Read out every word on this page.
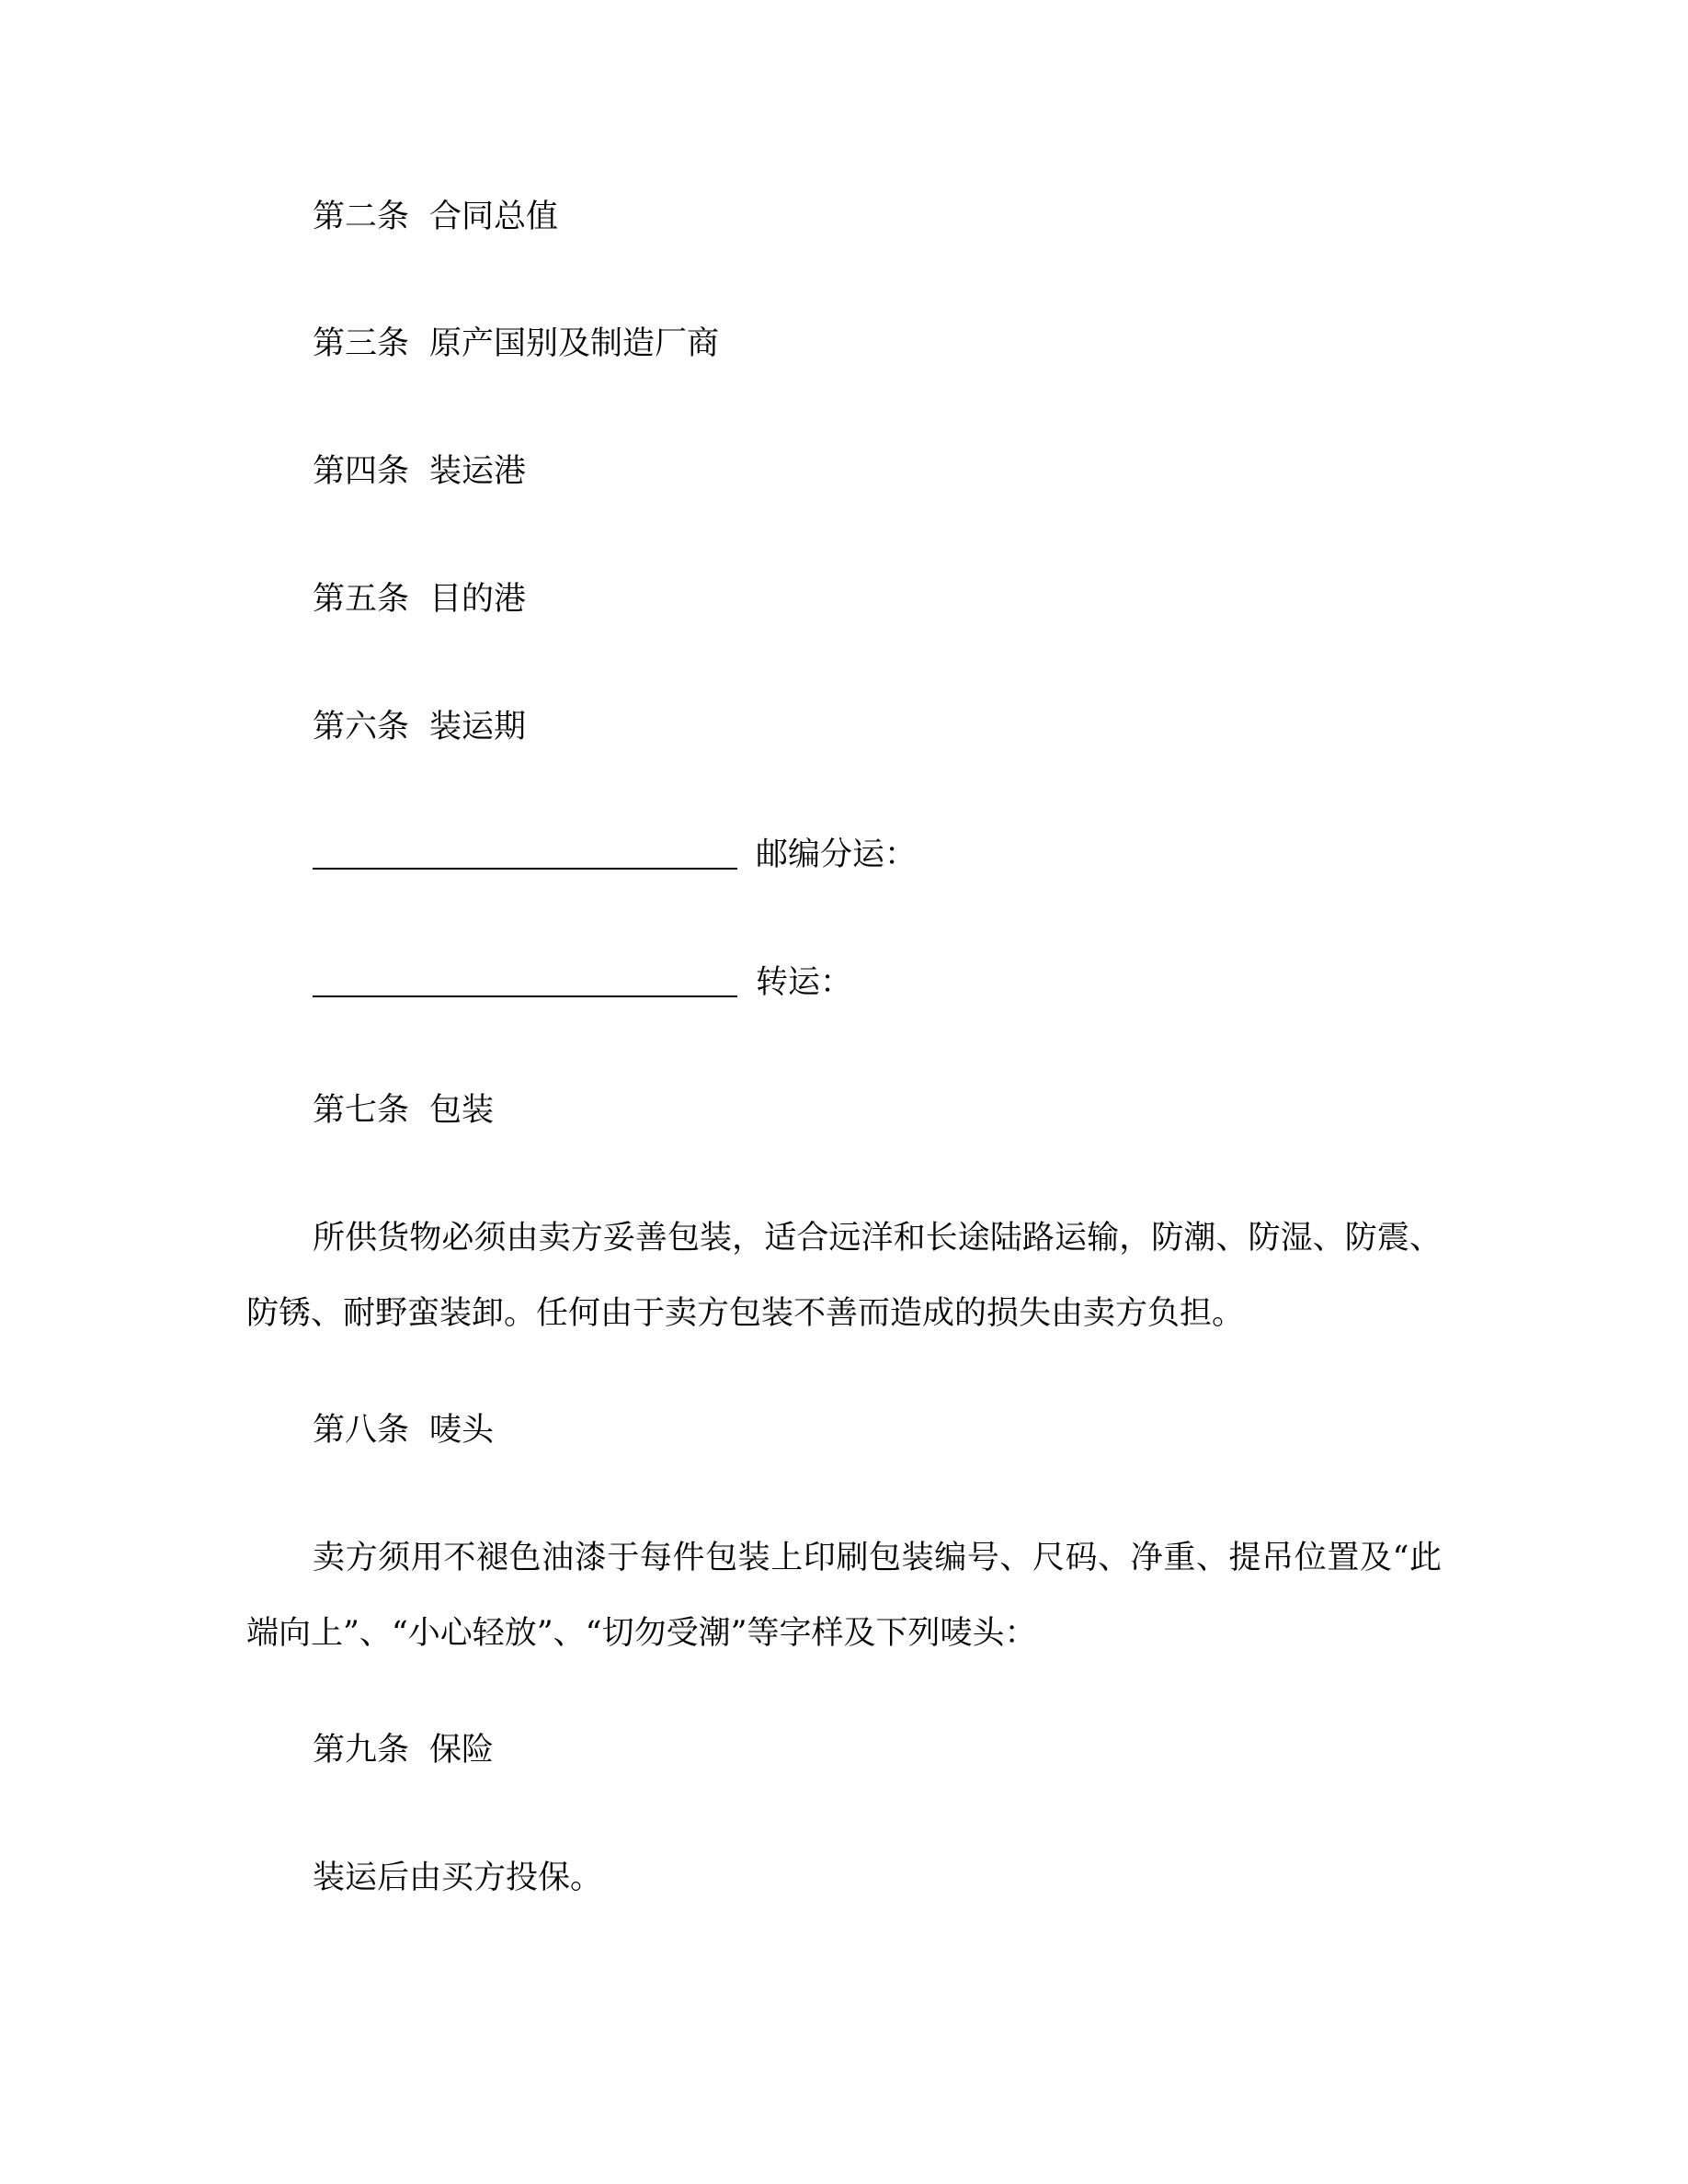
第二条 合同总值
第三条 原产国别及制造厂商
第四条 装运港
第五条 目的港
第六条 装运期
邮编分运：
转运：
第七条 包装
所供货物必须由卖方妥善包装，适合远洋和长途陆路运输，防潮、防湿、防震、防锈、耐野蛮装卸。任何由于卖方包装不善而造成的损失由卖方负担。
第八条 唛头
卖方须用不褪色油漆于每件包装上印刷包装编号、尺码、净重、提吊位置及“此端向上”、“小心轻放”、“切勿受潮”等字样及下列唛头：
第九条 保险
装运后由买方投保。
